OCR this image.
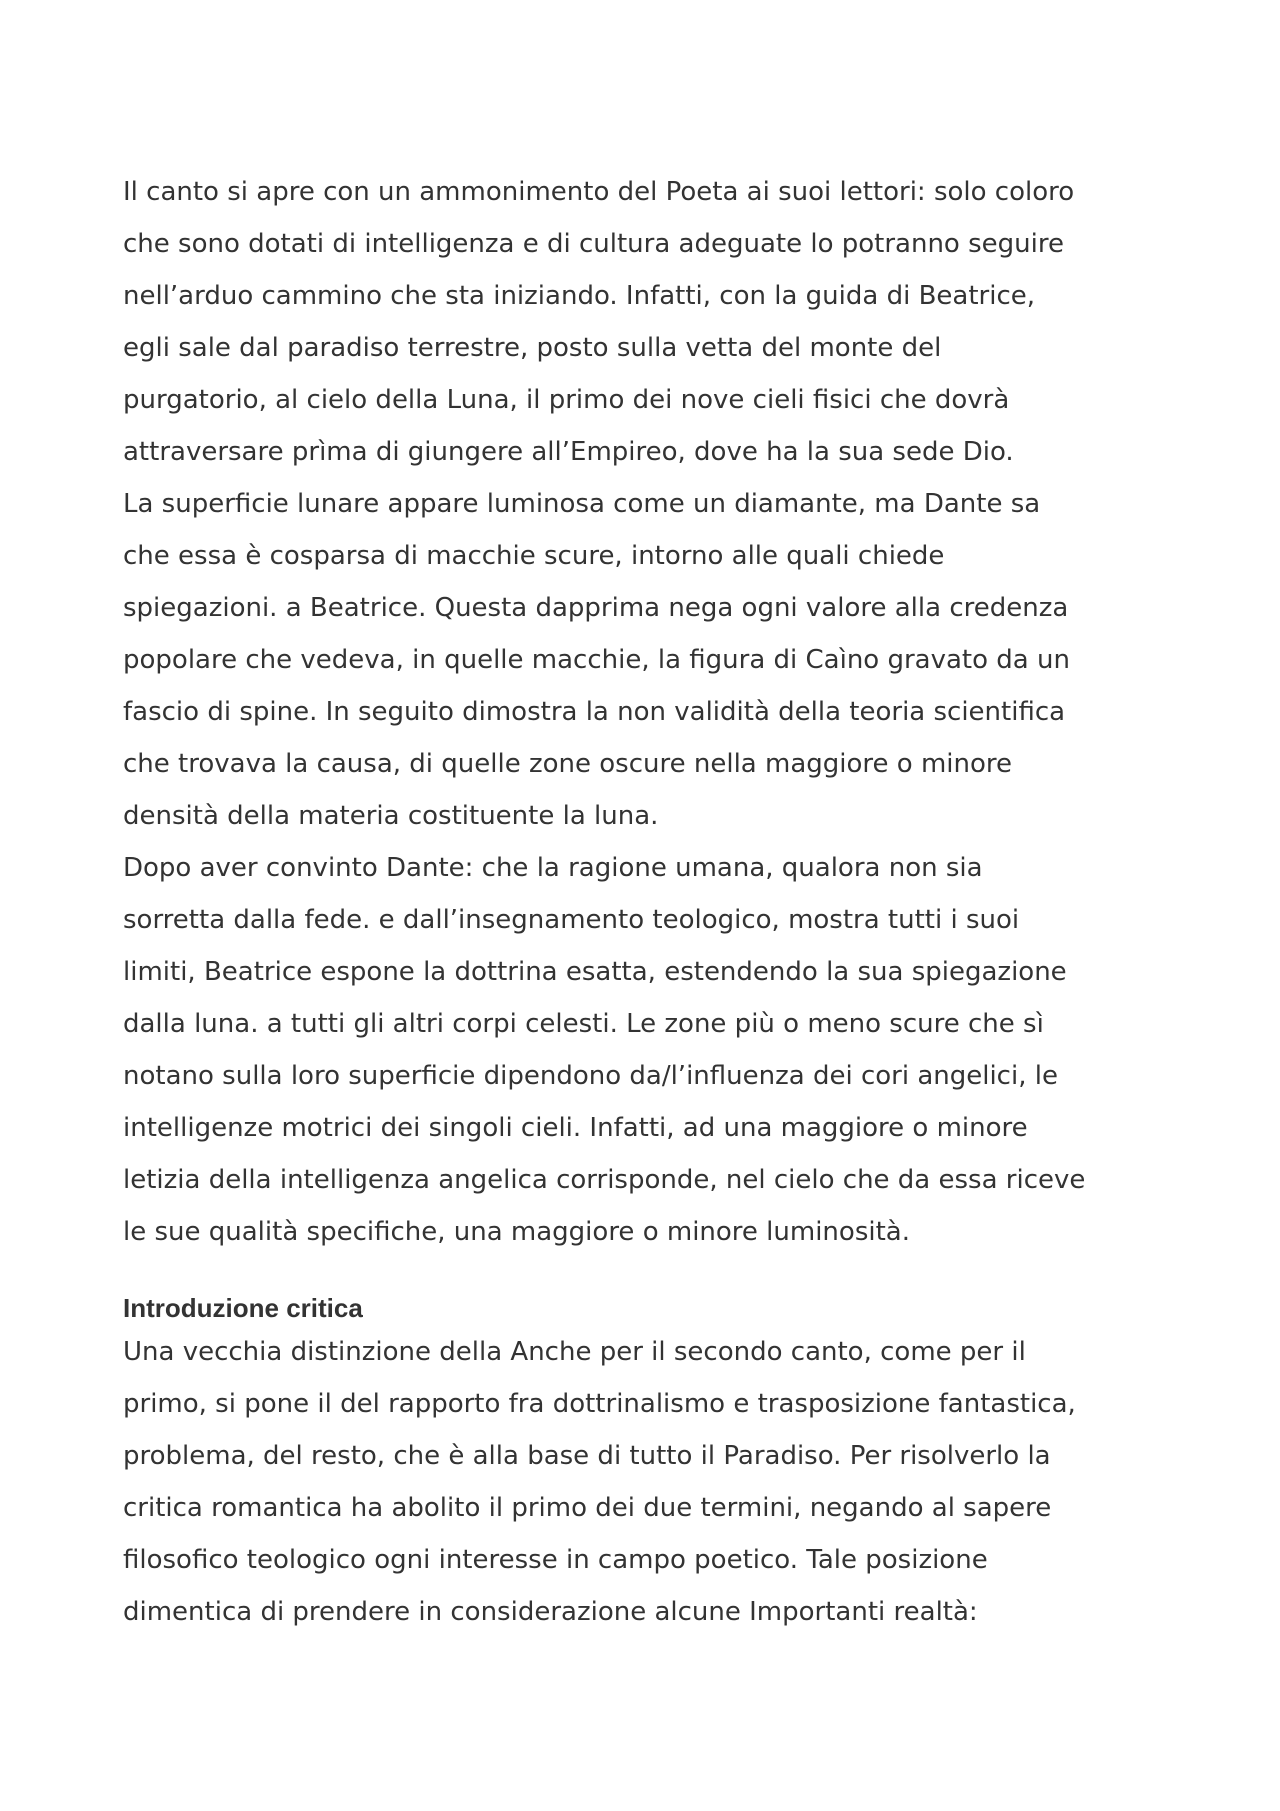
Il canto si apre con un ammonimento del Poeta ai suoi lettori: solo coloro
che sono dotati di intelligenza e di cultura adeguate lo potranno seguire
nell’arduo cammino che sta iniziando. Infatti, con la guida di Beatrice,
egli sale dal paradiso terrestre, posto sulla vetta del monte del
purgatorio, al cielo della Luna, il primo dei nove cieli fisici che dovrà
attraversare prìma di giungere all’Empireo, dove ha la sua sede Dio.

La superficie lunare appare luminosa come un diamante, ma Dante sa
che essa è cosparsa di macchie scure, intorno alle quali chiede
spiegazioni. a Beatrice. Questa dapprima nega ogni valore alla credenza
popolare che vedeva, in quelle macchie, la figura di Caìno gravato da un
fascio di spine. In seguito dimostra la non validità della teoria scientifica
che trovava la causa, di quelle zone oscure nella maggiore o minore
densità della materia costituente la luna.

Dopo aver convinto Dante: che la ragione umana, qualora non sia
sorretta dalla fede. e dall’insegnamento teologico, mostra tutti i suoi
limiti, Beatrice espone la dottrina esatta, estendendo la sua spiegazione
dalla luna. a tutti gli altri corpi celesti. Le zone più o meno scure che sì
notano sulla loro superficie dipendono da/l’influenza dei cori angelici, le
intelligenze motrici dei singoli cieli. Infatti, ad una maggiore o minore
letizia della intelligenza angelica corrisponde, nel cielo che da essa riceve
le sue qualità specifiche, una maggiore o minore luminosità.

Introduzione critica

Una vecchia distinzione della Anche per il secondo canto, come per il
primo, si pone il del rapporto fra dottrinalismo e trasposizione fantastica,
problema, del resto, che è alla base di tutto il Paradiso. Per risolverlo la
critica romantica ha abolito il primo dei due termini, negando al sapere
filosofico teologico ogni interesse in campo poetico. Tale posizione
dimentica di prendere in considerazione alcune Importanti realtà:
